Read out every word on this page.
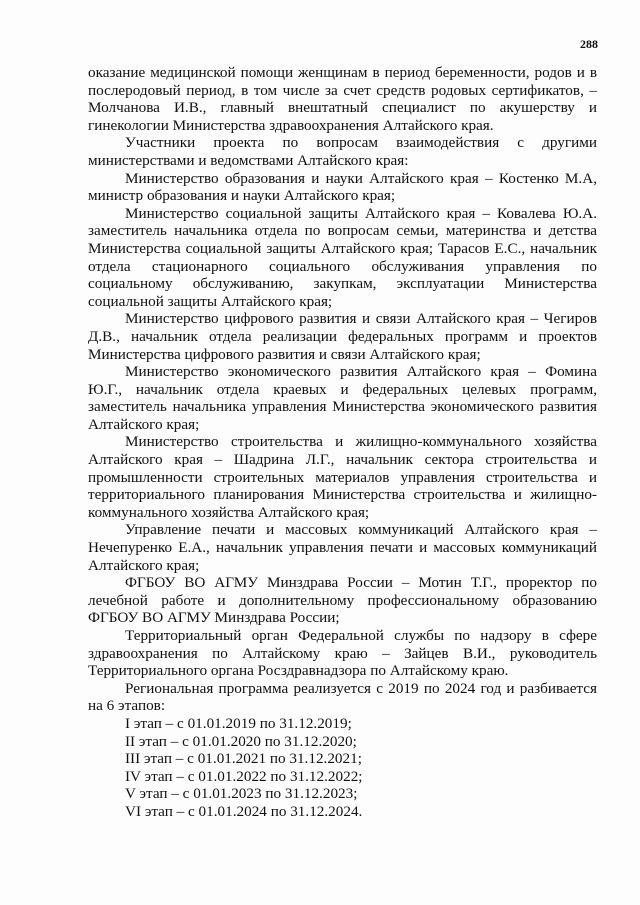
288

оказание медицинской помощи женщинам в период беременности, родов и в послеродовый период, в том числе за счет средств родовых сертификатов, – Молчанова И.В., главный внештатный специалист по акушерству и гинекологии Министерства здравоохранения Алтайского края.

Участники проекта по вопросам взаимодействия с другими министерствами и ведомствами Алтайского края:

Министерство образования и науки Алтайского края – Костенко М.А, министр образования и науки Алтайского края;

Министерство социальной защиты Алтайского края – Ковалева Ю.А. заместитель начальника отдела по вопросам семьи, материнства и детства Министерства социальной защиты Алтайского края; Тарасов Е.С., начальник отдела стационарного социального обслуживания управления по социальному обслуживанию, закупкам, эксплуатации Министерства социальной защиты Алтайского края;

Министерство цифрового развития и связи Алтайского края – Чегиров Д.В., начальник отдела реализации федеральных программ и проектов Министерства цифрового развития и связи Алтайского края;

Министерство экономического развития Алтайского края – Фомина Ю.Г., начальник отдела краевых и федеральных целевых программ, заместитель начальника управления Министерства экономического развития Алтайского края;

Министерство строительства и жилищно-коммунального хозяйства Алтайского края – Шадрина Л.Г., начальник сектора строительства и промышленности строительных материалов управления строительства и территориального планирования Министерства строительства и жилищно-коммунального хозяйства Алтайского края;

Управление печати и массовых коммуникаций Алтайского края – Нечепуренко Е.А., начальник управления печати и массовых коммуникаций Алтайского края;

ФГБОУ ВО АГМУ Минздрава России – Мотин Т.Г., проректор по лечебной работе и дополнительному профессиональному образованию ФГБОУ ВО АГМУ Минздрава России;

Территориальный орган Федеральной службы по надзору в сфере здравоохранения по Алтайскому краю – Зайцев В.И., руководитель Территориального органа Росздравнадзора по Алтайскому краю.

Региональная программа реализуется с 2019 по 2024 год и разбивается на 6 этапов:

I этап – с 01.01.2019 по 31.12.2019;
II этап – с 01.01.2020 по 31.12.2020;
III этап – с 01.01.2021 по 31.12.2021;
IV этап – с 01.01.2022 по 31.12.2022;
V этап – с 01.01.2023 по 31.12.2023;
VI этап – с 01.01.2024 по 31.12.2024.
